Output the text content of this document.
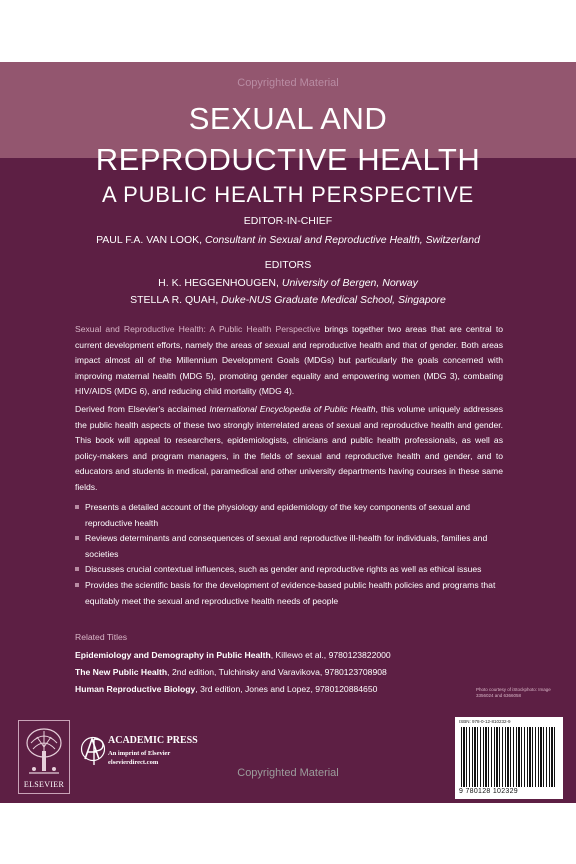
Copyrighted Material
SEXUAL AND
REPRODUCTIVE HEALTH
A PUBLIC HEALTH PERSPECTIVE
EDITOR-IN-CHIEF
PAUL F.A. VAN LOOK, Consultant in Sexual and Reproductive Health, Switzerland
EDITORS
H. K. HEGGENHOUGEN, University of Bergen, Norway
STELLA R. QUAH, Duke-NUS Graduate Medical School, Singapore
Sexual and Reproductive Health: A Public Health Perspective brings together two areas that are central to current development efforts, namely the areas of sexual and reproductive health and that of gender. Both areas impact almost all of the Millennium Development Goals (MDGs) but particularly the goals concerned with improving maternal health (MDG 5), promoting gender equality and empowering women (MDG 3), combating HIV/AIDS (MDG 6), and reducing child mortality (MDG 4).
Derived from Elsevier's acclaimed International Encyclopedia of Public Health, this volume uniquely addresses the public health aspects of these two strongly interrelated areas of sexual and reproductive health and gender. This book will appeal to researchers, epidemiologists, clinicians and public health professionals, as well as policy-makers and program managers, in the fields of sexual and reproductive health and gender, and to educators and students in medical, paramedical and other university departments having courses in these same fields.
Presents a detailed account of the physiology and epidemiology of the key components of sexual and reproductive health
Reviews determinants and consequences of sexual and reproductive ill-health for individuals, families and societies
Discusses crucial contextual influences, such as gender and reproductive rights as well as ethical issues
Provides the scientific basis for the development of evidence-based public health policies and programs that equitably meet the sexual and reproductive health needs of people
Related Titles
Epidemiology and Demography in Public Health, Killewo et al., 9780123822000
The New Public Health, 2nd edition, Tulchinsky and Varavikova, 9780123708908
Human Reproductive Biology, 3rd edition, Jones and Lopez, 9780120884650	Photo courtesy of iStockphoto: Image 3356024 and 6366058
ELSEVIER
ACADEMIC PRESS
An imprint of Elsevier
elsevierdirect.com
ISBN: 978-0-12-810232-9
9 780128 102329
Copyrighted Material
